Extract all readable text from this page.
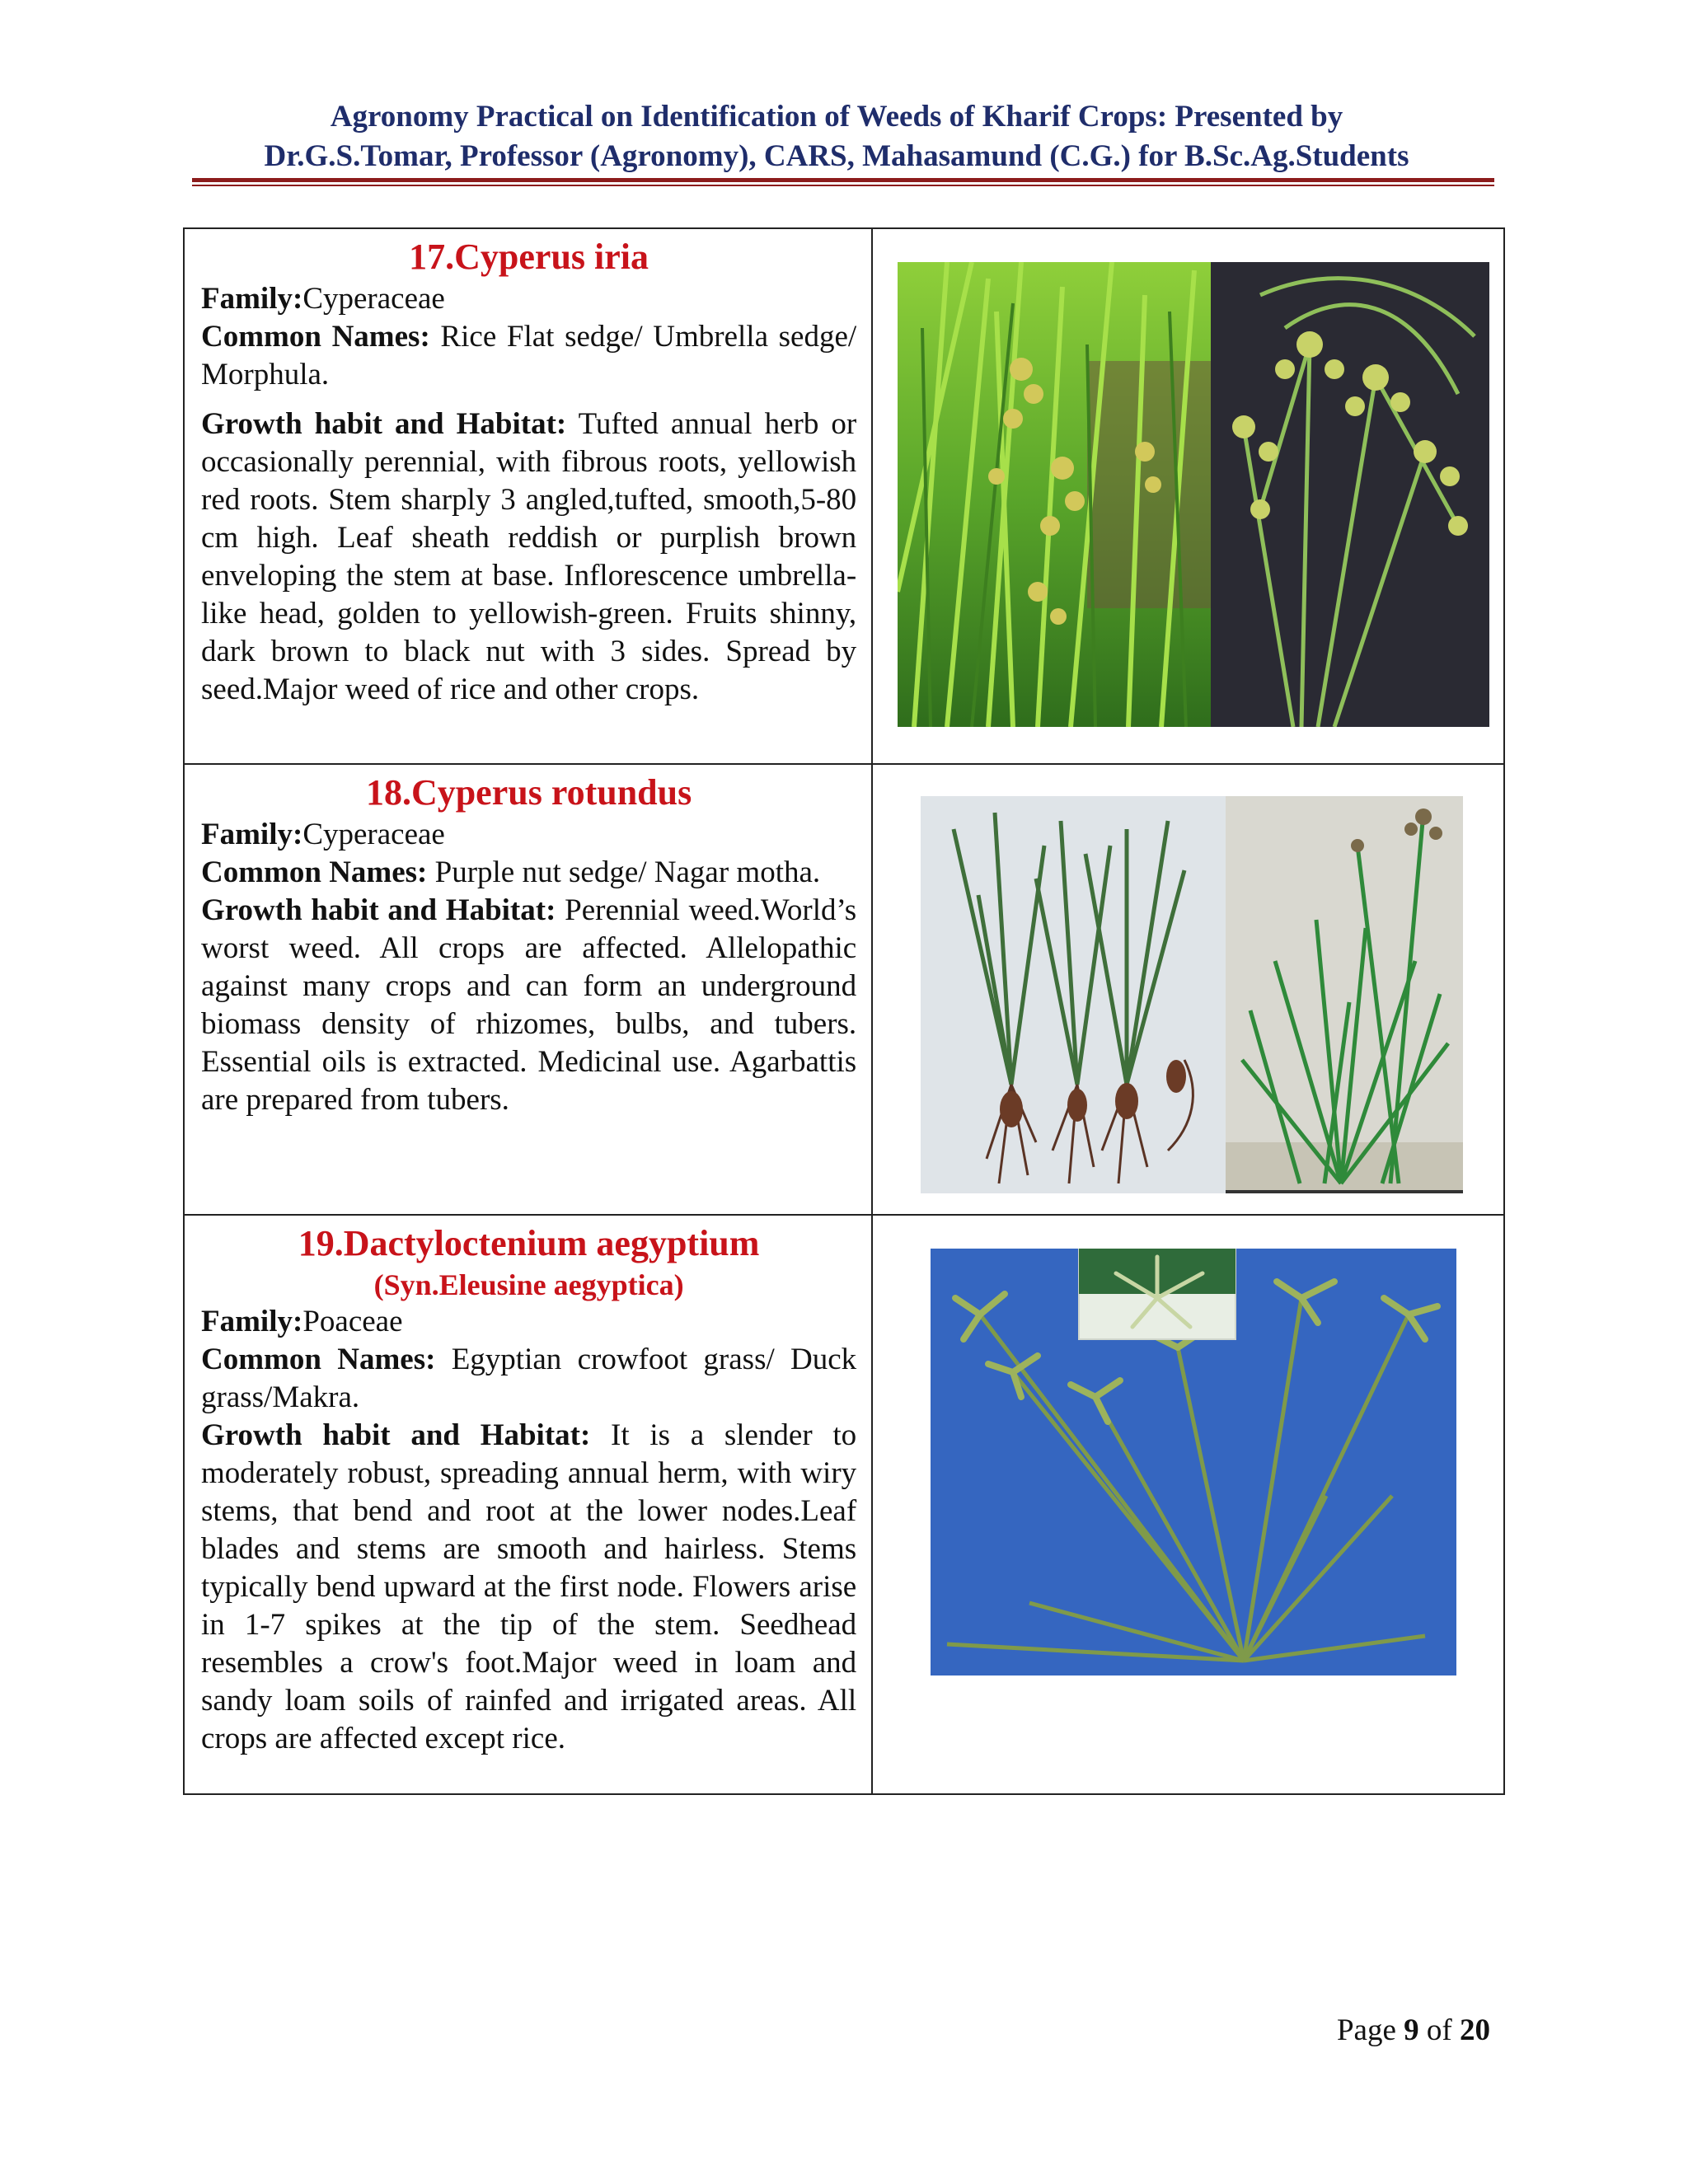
Agronomy Practical on Identification of Weeds of Kharif Crops: Presented by
Dr.G.S.Tomar, Professor (Agronomy), CARS, Mahasamund (C.G.) for B.Sc.Ag.Students
17.Cyperus iria
Family:Cyperaceae
Common Names: Rice Flat sedge/ Umbrella sedge/ Morphula.
Growth habit and Habitat: Tufted annual herb or occasionally perennial, with fibrous roots, yellowish red roots. Stem sharply 3 angled,tufted, smooth,5-80 cm high. Leaf sheath reddish or purplish brown enveloping the stem at base. Inflorescence umbrella-like head, golden to yellowish-green. Fruits shinny, dark brown to black nut with 3 sides. Spread by seed.Major weed of rice and other crops.

18.Cyperus rotundus
Family:Cyperaceae
Common Names: Purple nut sedge/ Nagar motha.
Growth habit and Habitat: Perennial weed.World’s worst weed. All crops are affected. Allelopathic against many crops and can form an underground biomass density of rhizomes, bulbs, and tubers. Essential oils is extracted. Medicinal use. Agarbattis are prepared from tubers.

19.Dactyloctenium aegyptium
(Syn.Eleusine aegyptica)
Family:Poaceae
Common Names: Egyptian crowfoot grass/ Duck grass/Makra.
Growth habit and Habitat: It is a slender to moderately robust, spreading annual herm, with wiry stems, that bend and root at the lower nodes.Leaf blades and stems are smooth and hairless. Stems typically bend upward at the first node. Flowers arise in 1-7 spikes at the tip of the stem. Seedhead resembles a crow's foot.Major weed in loam and sandy loam soils of rainfed and irrigated areas. All crops are affected except rice.

Page 9 of 20
